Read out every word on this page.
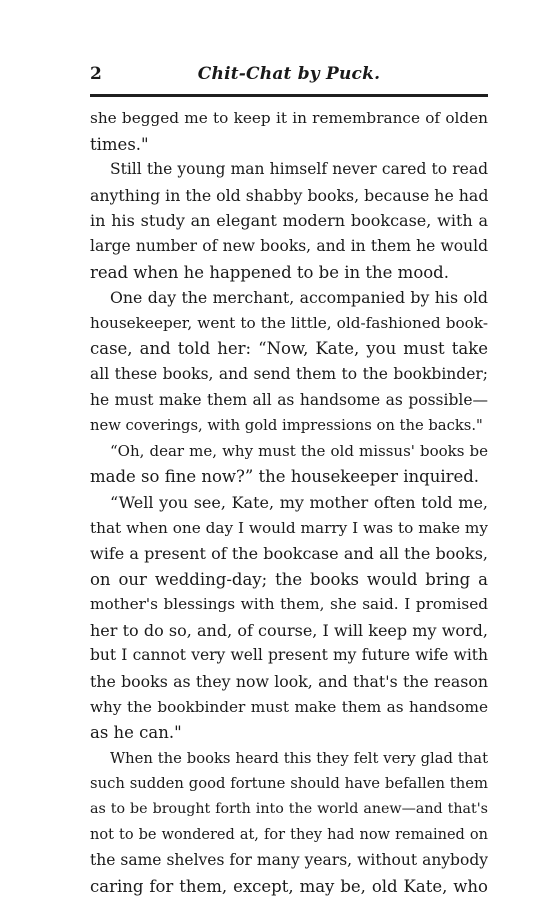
2	Chit-Chat by Puck.
she begged me to keep it in remembrance of olden
times."
Still the young man himself never cared to read
anything in the old shabby books, because he had
in his study an elegant modern bookcase, with a
large number of new books, and in them he would
read when he happened to be in the mood.
One day the merchant, accompanied by his old
housekeeper, went to the little, old-fashioned book-
case, and told her: “Now, Kate, you must take
all these books, and send them to the bookbinder;
he must make them all as handsome as possible—
new coverings, with gold impressions on the backs."
“Oh, dear me, why must the old missus' books be
made so fine now?” the housekeeper inquired.
“Well you see, Kate, my mother often told me,
that when one day I would marry I was to make my
wife a present of the bookcase and all the books,
on our wedding-day; the books would bring a
mother's blessings with them, she said. I promised
her to do so, and, of course, I will keep my word,
but I cannot very well present my future wife with
the books as they now look, and that's the reason
why the bookbinder must make them as handsome
as he can."
When the books heard this they felt very glad that
such sudden good fortune should have befallen them
as to be brought forth into the world anew—and that's
not to be wondered at, for they had now remained on
the same shelves for many years, without anybody
caring for them, except, may be, old Kate, who
